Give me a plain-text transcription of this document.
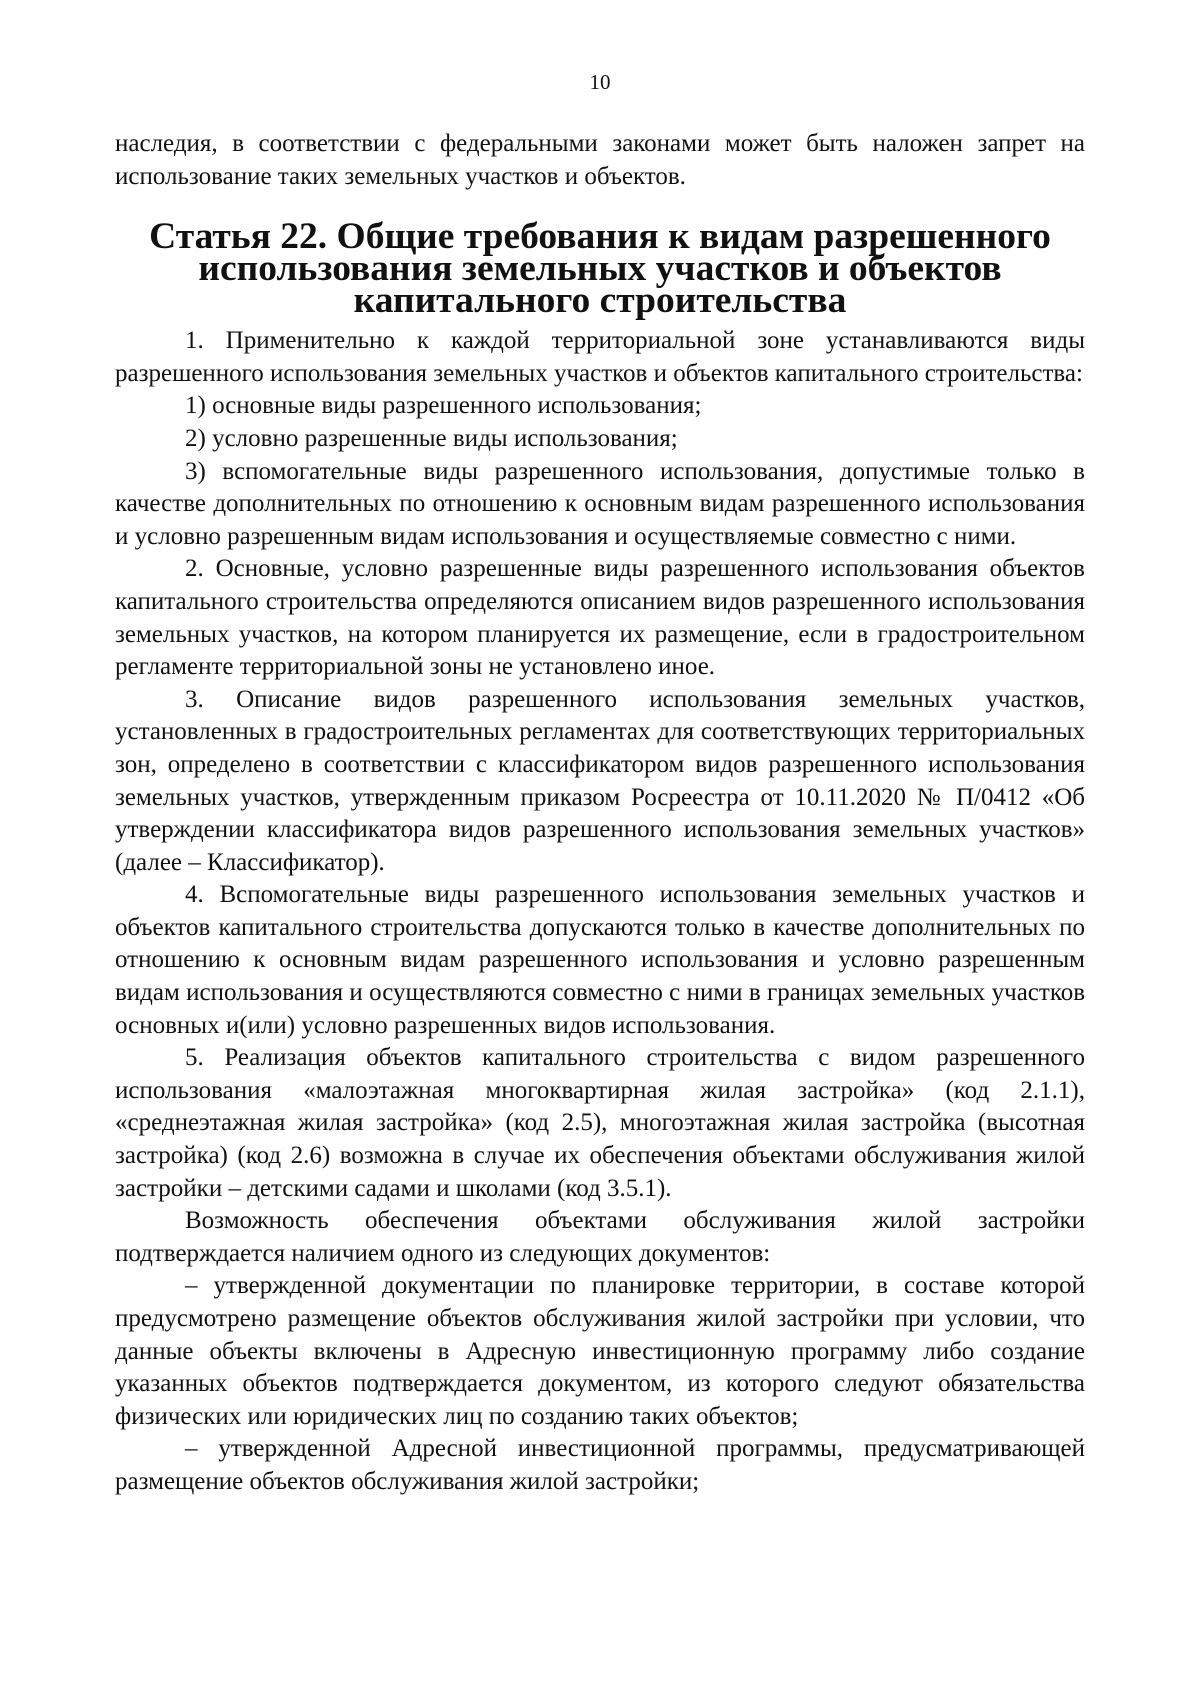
10

наследия, в соответствии с федеральными законами может быть наложен запрет на использование таких земельных участков и объектов.

Статья 22. Общие требования к видам разрешенного использования земельных участков и объектов капитального строительства

1. Применительно к каждой территориальной зоне устанавливаются виды разрешенного использования земельных участков и объектов капитального строительства:

1) основные виды разрешенного использования;

2) условно разрешенные виды использования;

3) вспомогательные виды разрешенного использования, допустимые только в качестве дополнительных по отношению к основным видам разрешенного использования и условно разрешенным видам использования и осуществляемые совместно с ними.

2. Основные, условно разрешенные виды разрешенного использования объектов капитального строительства определяются описанием видов разрешенного использования земельных участков, на котором планируется их размещение, если в градостроительном регламенте территориальной зоны не установлено иное.

3. Описание видов разрешенного использования земельных участков, установленных в градостроительных регламентах для соответствующих территориальных зон, определено в соответствии с классификатором видов разрешенного использования земельных участков, утвержденным приказом Росреестра от 10.11.2020 № П/0412 «Об утверждении классификатора видов разрешенного использования земельных участков» (далее – Классификатор).

4. Вспомогательные виды разрешенного использования земельных участков и объектов капитального строительства допускаются только в качестве дополнительных по отношению к основным видам разрешенного использования и условно разрешенным видам использования и осуществляются совместно с ними в границах земельных участков основных и(или) условно разрешенных видов использования.

5. Реализация объектов капитального строительства с видом разрешенного использования «малоэтажная многоквартирная жилая застройка» (код 2.1.1), «среднеэтажная жилая застройка» (код 2.5), многоэтажная жилая застройка (высотная застройка) (код 2.6) возможна в случае их обеспечения объектами обслуживания жилой застройки – детскими садами и школами (код 3.5.1).

Возможность обеспечения объектами обслуживания жилой застройки подтверждается наличием одного из следующих документов:

– утвержденной документации по планировке территории, в составе которой предусмотрено размещение объектов обслуживания жилой застройки при условии, что данные объекты включены в Адресную инвестиционную программу либо создание указанных объектов подтверждается документом, из которого следуют обязательства физических или юридических лиц по созданию таких объектов;

– утвержденной Адресной инвестиционной программы, предусматривающей размещение объектов обслуживания жилой застройки;
